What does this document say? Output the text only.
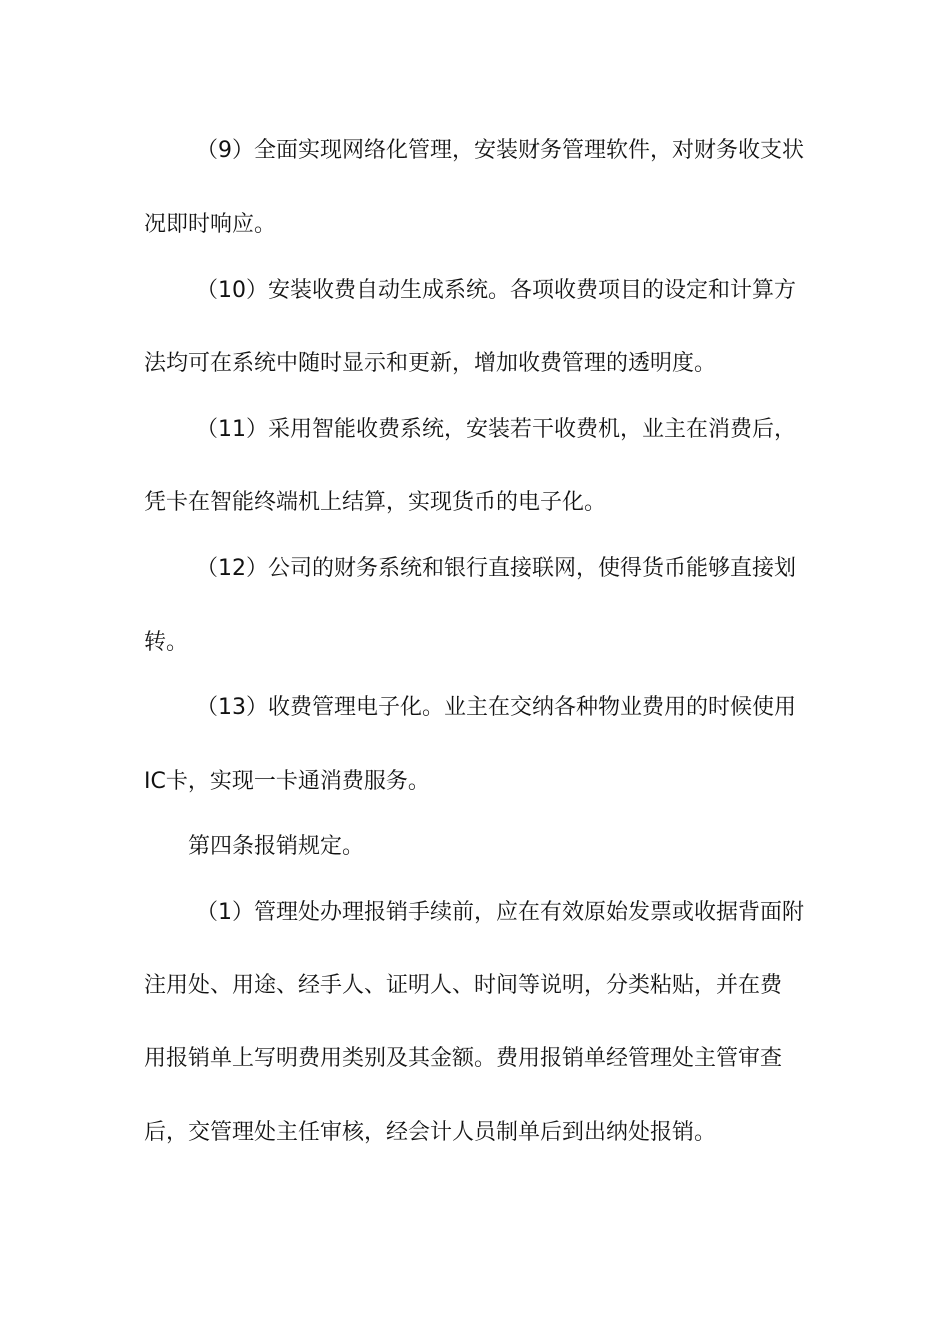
（9）全面实现网络化管理，安装财务管理软件，对财务收支状
况即时响应。
（10）安装收费自动生成系统。各项收费项目的设定和计算方
法均可在系统中随时显示和更新，增加收费管理的透明度。
（11）采用智能收费系统，安装若干收费机，业主在消费后，
凭卡在智能终端机上结算，实现货币的电子化。
（12）公司的财务系统和银行直接联网，使得货币能够直接划
转。
（13）收费管理电子化。业主在交纳各种物业费用的时候使用
IC卡，实现一卡通消费服务。
第四条报销规定。
（1）管理处办理报销手续前，应在有效原始发票或收据背面附
注用处、用途、经手人、证明人、时间等说明，分类粘贴，并在费
用报销单上写明费用类别及其金额。费用报销单经管理处主管审查
后，交管理处主任审核，经会计人员制单后到出纳处报销。
